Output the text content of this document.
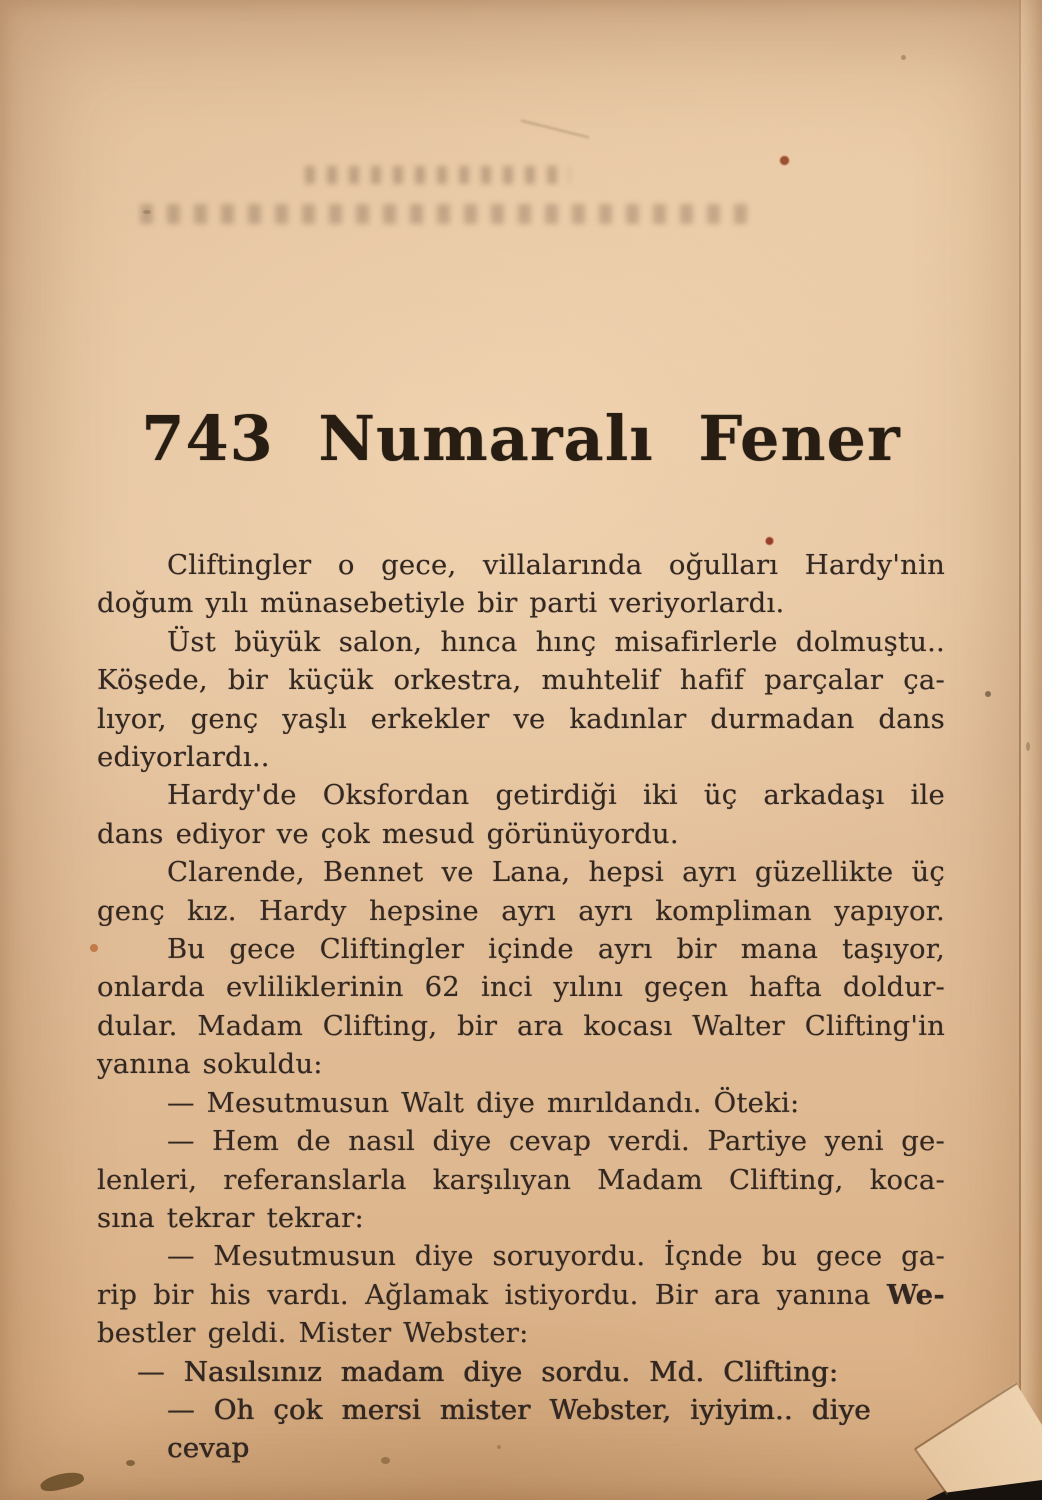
743 Numaralı Fener
Cliftingler o gece, villalarında oğulları Hardy'nin
doğum yılı münasebetiyle bir parti veriyorlardı.
Üst büyük salon, hınca hınç misafirlerle dolmuştu..
Köşede, bir küçük orkestra, muhtelif hafif parçalar ça-
lıyor, genç yaşlı erkekler ve kadınlar durmadan dans
ediyorlardı..
Hardy'de Oksfordan getirdiği iki üç arkadaşı ile
dans ediyor ve çok mesud görünüyordu.
Clarende, Bennet ve Lana, hepsi ayrı güzellikte üç
genç kız. Hardy hepsine ayrı ayrı kompliman yapıyor.
Bu gece Cliftingler içinde ayrı bir mana taşıyor,
onlarda evliliklerinin 62 inci yılını geçen hafta doldur-
dular. Madam Clifting, bir ara kocası Walter Clifting'in
yanına sokuldu:
— Mesutmusun Walt diye mırıldandı. Öteki:
— Hem de nasıl diye cevap verdi. Partiye yeni ge-
lenleri, referanslarla karşılıyan Madam Clifting, koca-
sına tekrar tekrar:
— Mesutmusun diye soruyordu. İçnde bu gece ga-
rip bir his vardı. Ağlamak istiyordu. Bir ara yanına We-
bestler geldi. Mister Webster:
— Nasılsınız madam diye sordu. Md. Clifting:
— Oh çok mersi mister Webster, iyiyim.. diye cevap
